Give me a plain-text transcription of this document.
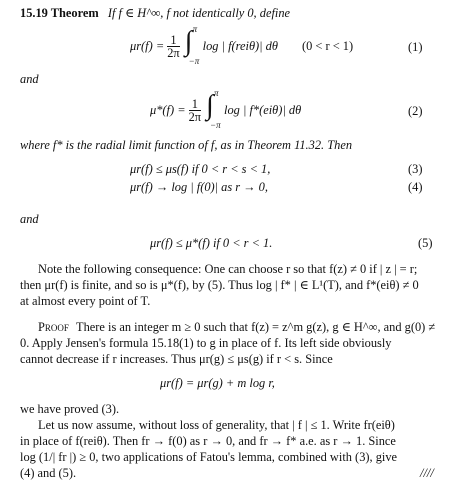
15.19 Theorem If f ∈ H^∞, f not identically 0, define
$\mu r(f) = \frac{1}{2\pi}$ ∫ π
−π
log | f(reiθ)| dθ (0 < r < 1)	(1)
and
$\mu*(f) = \frac{1}{2\pi}$ ∫ π
−π
log | f*(eiθ)| dθ	(2)
where f* is the radial limit function of f, as in Theorem 11.32. Then
μr(f) ≤ μs(f) if 0 < r < s < 1,	(3)
μr(f) → log | f(0)| as r → 0,	(4)
and
μr(f) ≤ μ*(f) if 0 < r < 1.	(5)
Note the following consequence: One can choose r so that f(z) ≠ 0 if | z | = r;
then μr(f) is finite, and so is μ*(f), by (5). Thus log | f* | ∈ L¹(T), and f*(eiθ) ≠ 0
at almost every point of T.
Proof There is an integer m ≥ 0 such that f(z) = z^m g(z), g ∈ H^∞, and g(0) ≠
0. Apply Jensen's formula 15.18(1) to g in place of f. Its left side obviously
cannot decrease if r increases. Thus μr(g) ≤ μs(g) if r < s. Since
μr(f) = μr(g) + m log r,
we have proved (3).
Let us now assume, without loss of generality, that | f | ≤ 1. Write fr(eiθ)
in place of f(reiθ). Then fr → f(0) as r → 0, and fr → f* a.e. as r → 1. Since
log (1/| fr |) ≥ 0, two applications of Fatou's lemma, combined with (3), give
(4) and (5).	////
